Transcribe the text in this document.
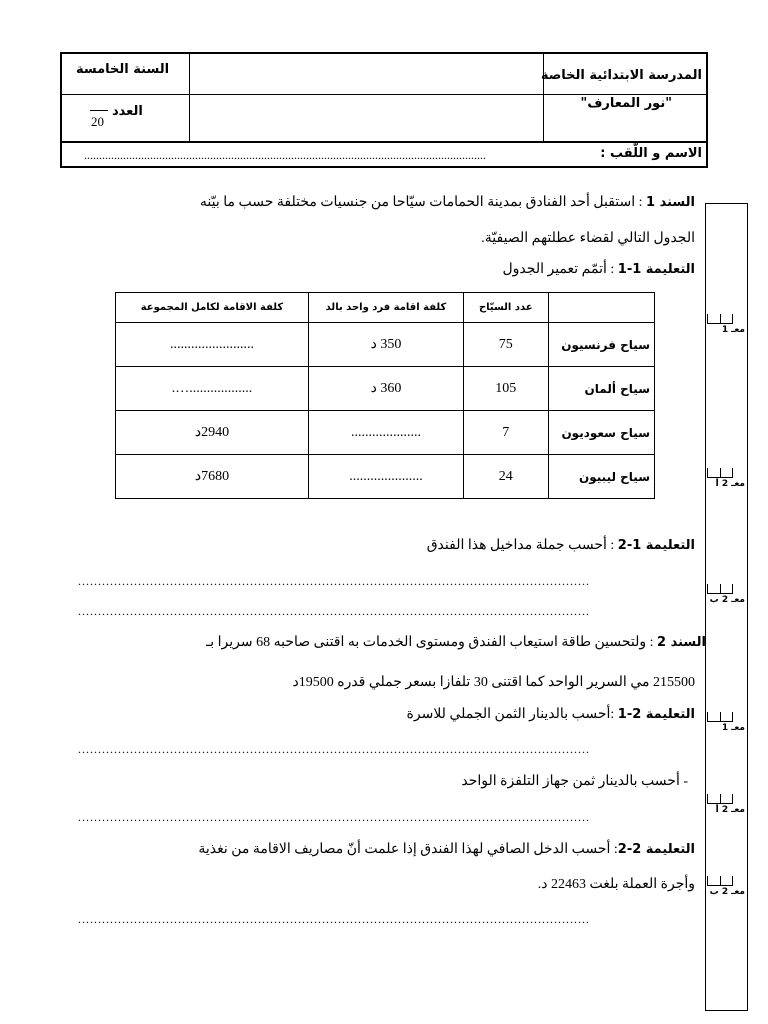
المدرسة الابتدائية الخاصة
"نور المعارف"
السنة الخامسة
العدد
20
الاسم و اللّقب :
......................................................................................................................................
معـ 1
معـ 2 أ
معـ 2 ب
معـ 1
معـ 2 أ
معـ 2 ب
السند 1 : استقبل أحد الفنادق بمدينة الحمامات سيّاحا من جنسيات مختلفة حسب ما بيّنه
الجدول التالي لقضاء عطلتهم الصيفيّة.
التعليمة 1-1 : أتمّم تعمير الجدول
	عدد السيّاح	كلفة اقامة فرد واحد بالد	كلفة الاقامة لكامل المجموعة
سياح فرنسيون	75	350 د	........................
سياح ألمان	105	360 د	..................….
سياح سعوديون	7	....................	2940د
سياح ليبيون	24	.....................	7680د
التعليمة 1-2 : أحسب جملة مداخيل هذا الفندق
................................................................................................................................
................................................................................................................................
السند 2 : ولتحسين طاقة استيعاب الفندق ومستوى الخدمات به اقتنى صاحبه 68 سريرا بـ
215500 مي السرير الواحد كما اقتنى 30 تلفازا بسعر جملي قدره 19500د
التعليمة 2-1 :أحسب بالدينار الثمن الجملي للاسرة
................................................................................................................................
- أحسب بالدينار ثمن جهاز التلفزة الواحد
................................................................................................................................
التعليمة 2-2: أحسب الدخل الصافي لهذا الفندق إذا علمت أنّ مصاريف الاقامة من نغذية
وأجرة العملة بلغت 22463 د.
................................................................................................................................
